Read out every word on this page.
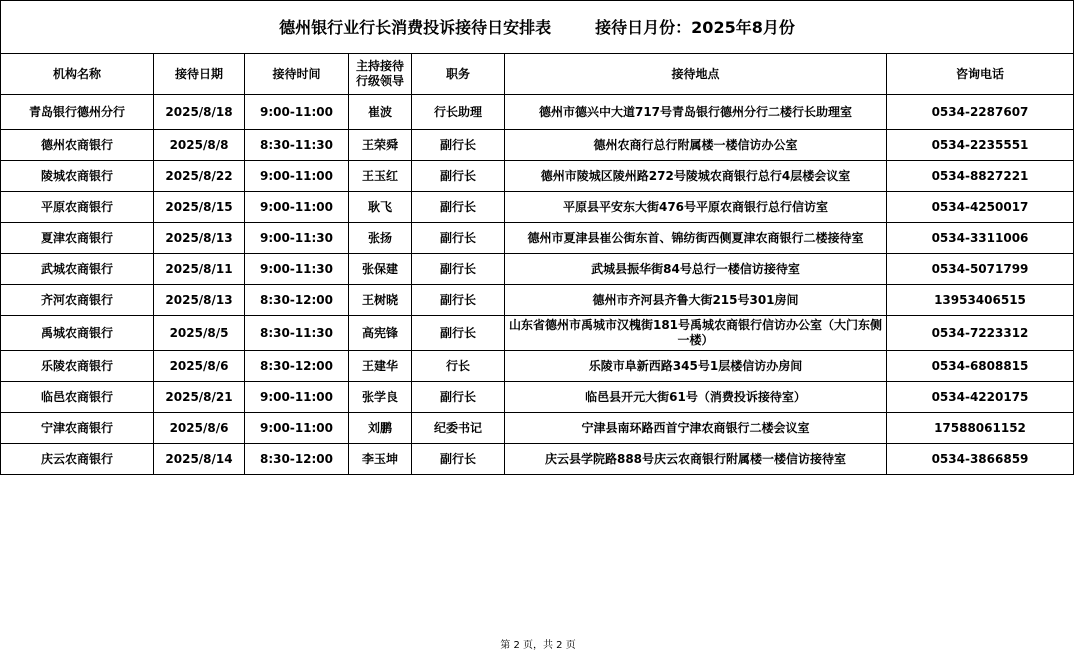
德州银行业行长消费投诉接待日安排表 接待日月份：2025年8月份						
机构名称	接待日期	接待时间	主持接待行级领导	职务	接待地点	咨询电话
青岛银行德州分行	2025/8/18	9:00-11:00	崔波	行长助理	德州市德兴中大道717号青岛银行德州分行二楼行长助理室	0534-2287607
德州农商银行	2025/8/8	8:30-11:30	王荣舜	副行长	德州农商行总行附属楼一楼信访办公室	0534-2235551
陵城农商银行	2025/8/22	9:00-11:00	王玉红	副行长	德州市陵城区陵州路272号陵城农商银行总行4层楼会议室	0534-8827221
平原农商银行	2025/8/15	9:00-11:00	耿飞	副行长	平原县平安东大街476号平原农商银行总行信访室	0534-4250017
夏津农商银行	2025/8/13	9:00-11:30	张扬	副行长	德州市夏津县崔公街东首、锦纺街西侧夏津农商银行二楼接待室	0534-3311006
武城农商银行	2025/8/11	9:00-11:30	张保建	副行长	武城县振华街84号总行一楼信访接待室	0534-5071799
齐河农商银行	2025/8/13	8:30-12:00	王树晓	副行长	德州市齐河县齐鲁大街215号301房间	13953406515
禹城农商银行	2025/8/5	8:30-11:30	高宪锋	副行长	山东省德州市禹城市汉槐街181号禹城农商银行信访办公室（大门东侧一楼）	0534-7223312
乐陵农商银行	2025/8/6	8:30-12:00	王建华	行长	乐陵市阜新西路345号1层楼信访办房间	0534-6808815
临邑农商银行	2025/8/21	9:00-11:00	张学良	副行长	临邑县开元大街61号（消费投诉接待室）	0534-4220175
宁津农商银行	2025/8/6	9:00-11:00	刘鹏	纪委书记	宁津县南环路西首宁津农商银行二楼会议室	17588061152
庆云农商银行	2025/8/14	8:30-12:00	李玉坤	副行长	庆云县学院路888号庆云农商银行附属楼一楼信访接待室	0534-3866859
第 2 页，共 2 页
